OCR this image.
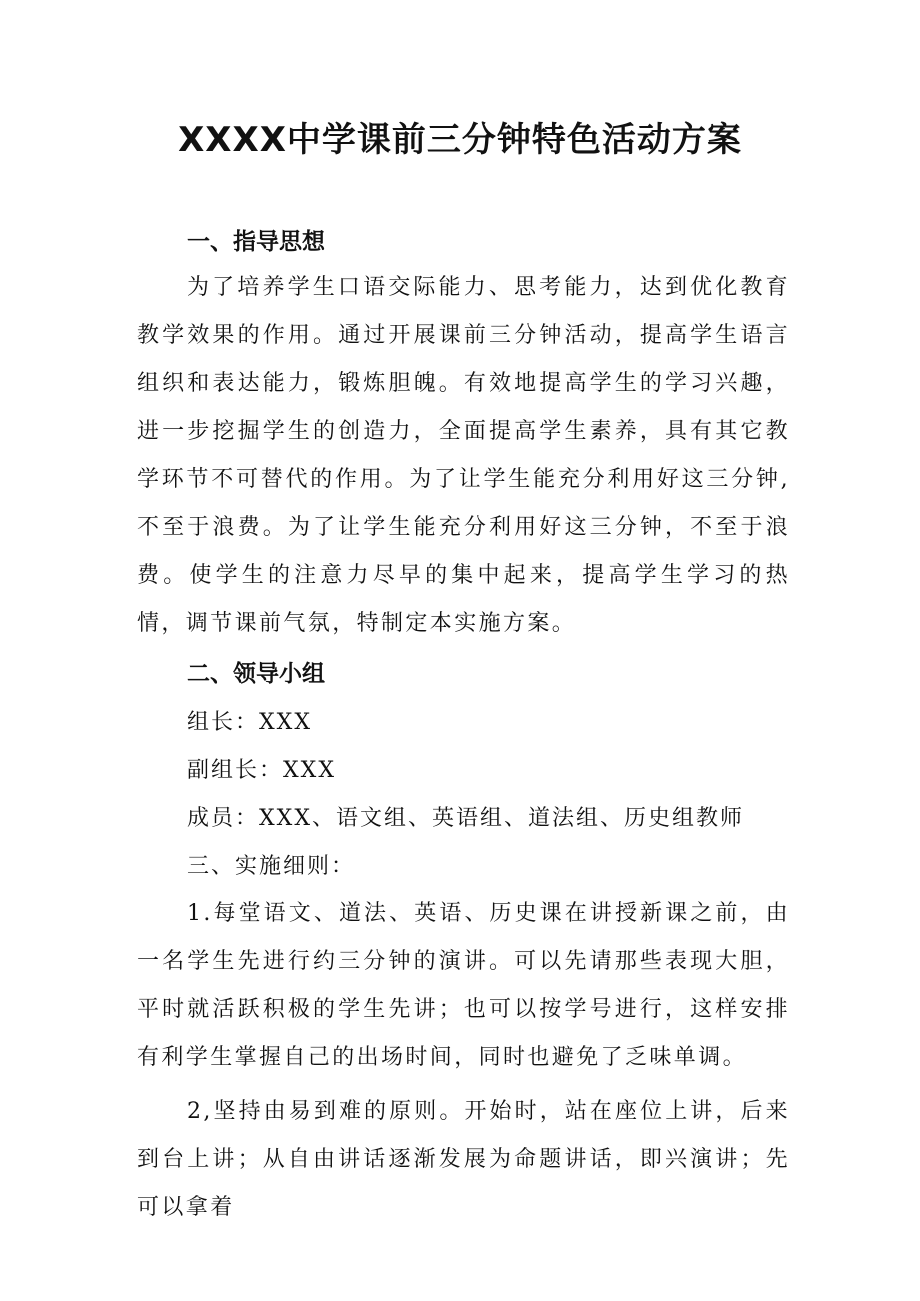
XXXX中学课前三分钟特色活动方案
一、指导思想

为了培养学生口语交际能力、思考能力，达到优化教育教学效果的作用。通过开展课前三分钟活动，提高学生语言组织和表达能力，锻炼胆魄。有效地提高学生的学习兴趣，进一步挖掘学生的创造力，全面提高学生素养，具有其它教学环节不可替代的作用。为了让学生能充分利用好这三分钟,不至于浪费。为了让学生能充分利用好这三分钟，不至于浪费。使学生的注意力尽早的集中起来，提高学生学习的热情，调节课前气氛，特制定本实施方案。

二、领导小组

组长：XXX

副组长：XXX

成员：XXX、语文组、英语组、道法组、历史组教师

三、实施细则：

1.每堂语文、道法、英语、历史课在讲授新课之前，由一名学生先进行约三分钟的演讲。可以先请那些表现大胆，平时就活跃积极的学生先讲；也可以按学号进行，这样安排有利学生掌握自己的出场时间，同时也避免了乏味单调。

2,坚持由易到难的原则。开始时，站在座位上讲，后来到台上讲；从自由讲话逐渐发展为命题讲话，即兴演讲；先可以拿着
